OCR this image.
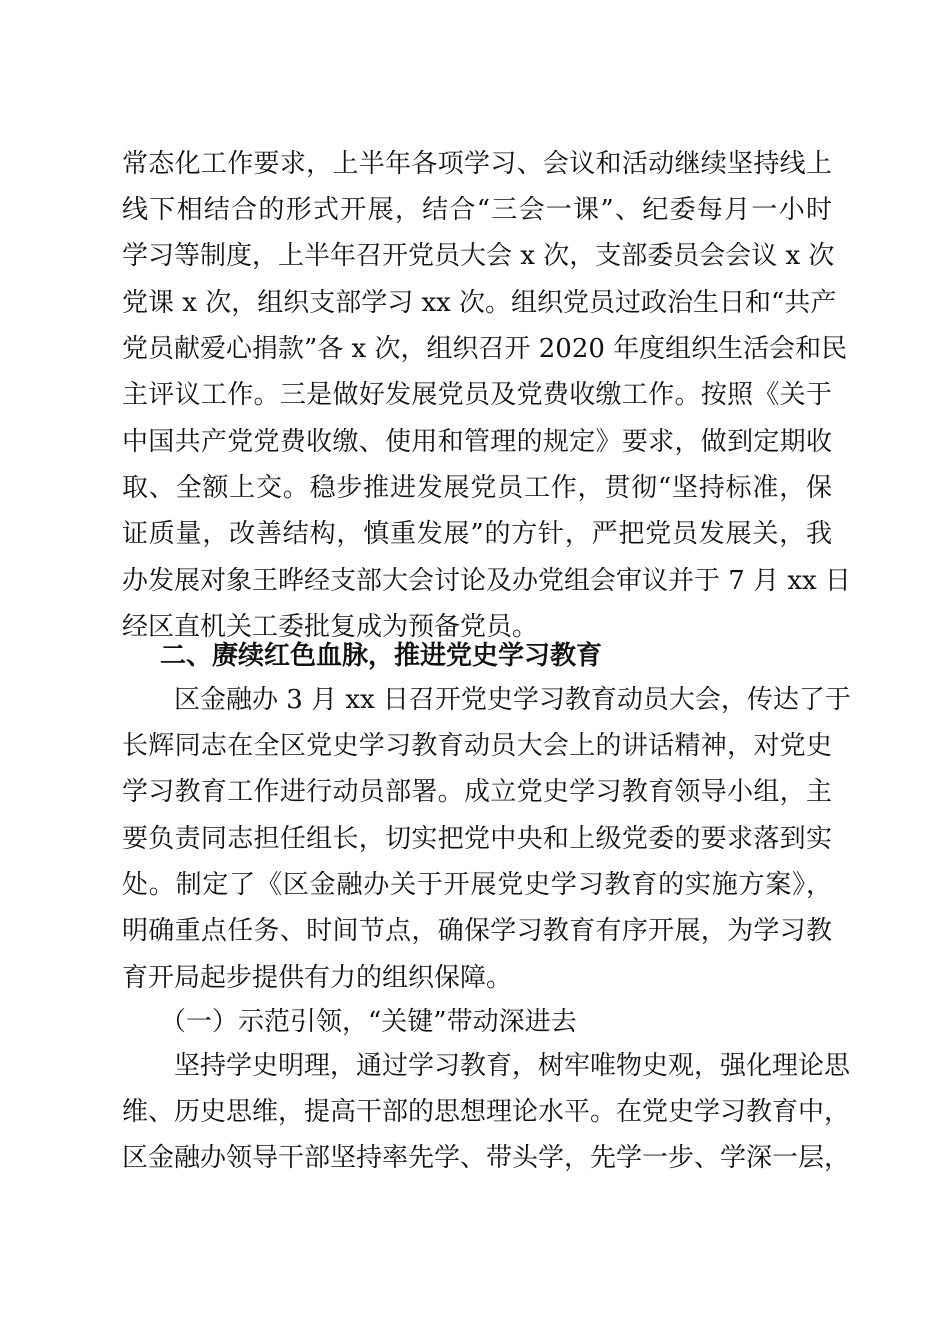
常态化工作要求，上半年各项学习、会议和活动继续坚持线上
线下相结合的形式开展，结合“三会一课”、纪委每月一小时
学习等制度，上半年召开党员大会 x 次，支部委员会会议 x 次
党课 x 次，组织支部学习 xx 次。组织党员过政治生日和“共产
党员献爱心捐款”各 x 次，组织召开 2020 年度组织生活会和民
主评议工作。三是做好发展党员及党费收缴工作。按照《关于
中国共产党党费收缴、使用和管理的规定》要求，做到定期收
取、全额上交。稳步推进发展党员工作，贯彻“坚持标准，保
证质量，改善结构，慎重发展”的方针，严把党员发展关，我
办发展对象王晔经支部大会讨论及办党组会审议并于 7 月 xx 日
经区直机关工委批复成为预备党员。
二、赓续红色血脉，推进党史学习教育
区金融办 3 月 xx 日召开党史学习教育动员大会，传达了于
长辉同志在全区党史学习教育动员大会上的讲话精神，对党史
学习教育工作进行动员部署。成立党史学习教育领导小组，主
要负责同志担任组长，切实把党中央和上级党委的要求落到实
处。制定了《区金融办关于开展党史学习教育的实施方案》，
明确重点任务、时间节点，确保学习教育有序开展，为学习教
育开局起步提供有力的组织保障。
（一）示范引领，“关键”带动深进去
坚持学史明理，通过学习教育，树牢唯物史观，强化理论思
维、历史思维，提高干部的思想理论水平。在党史学习教育中，
区金融办领导干部坚持率先学、带头学，先学一步、学深一层，
